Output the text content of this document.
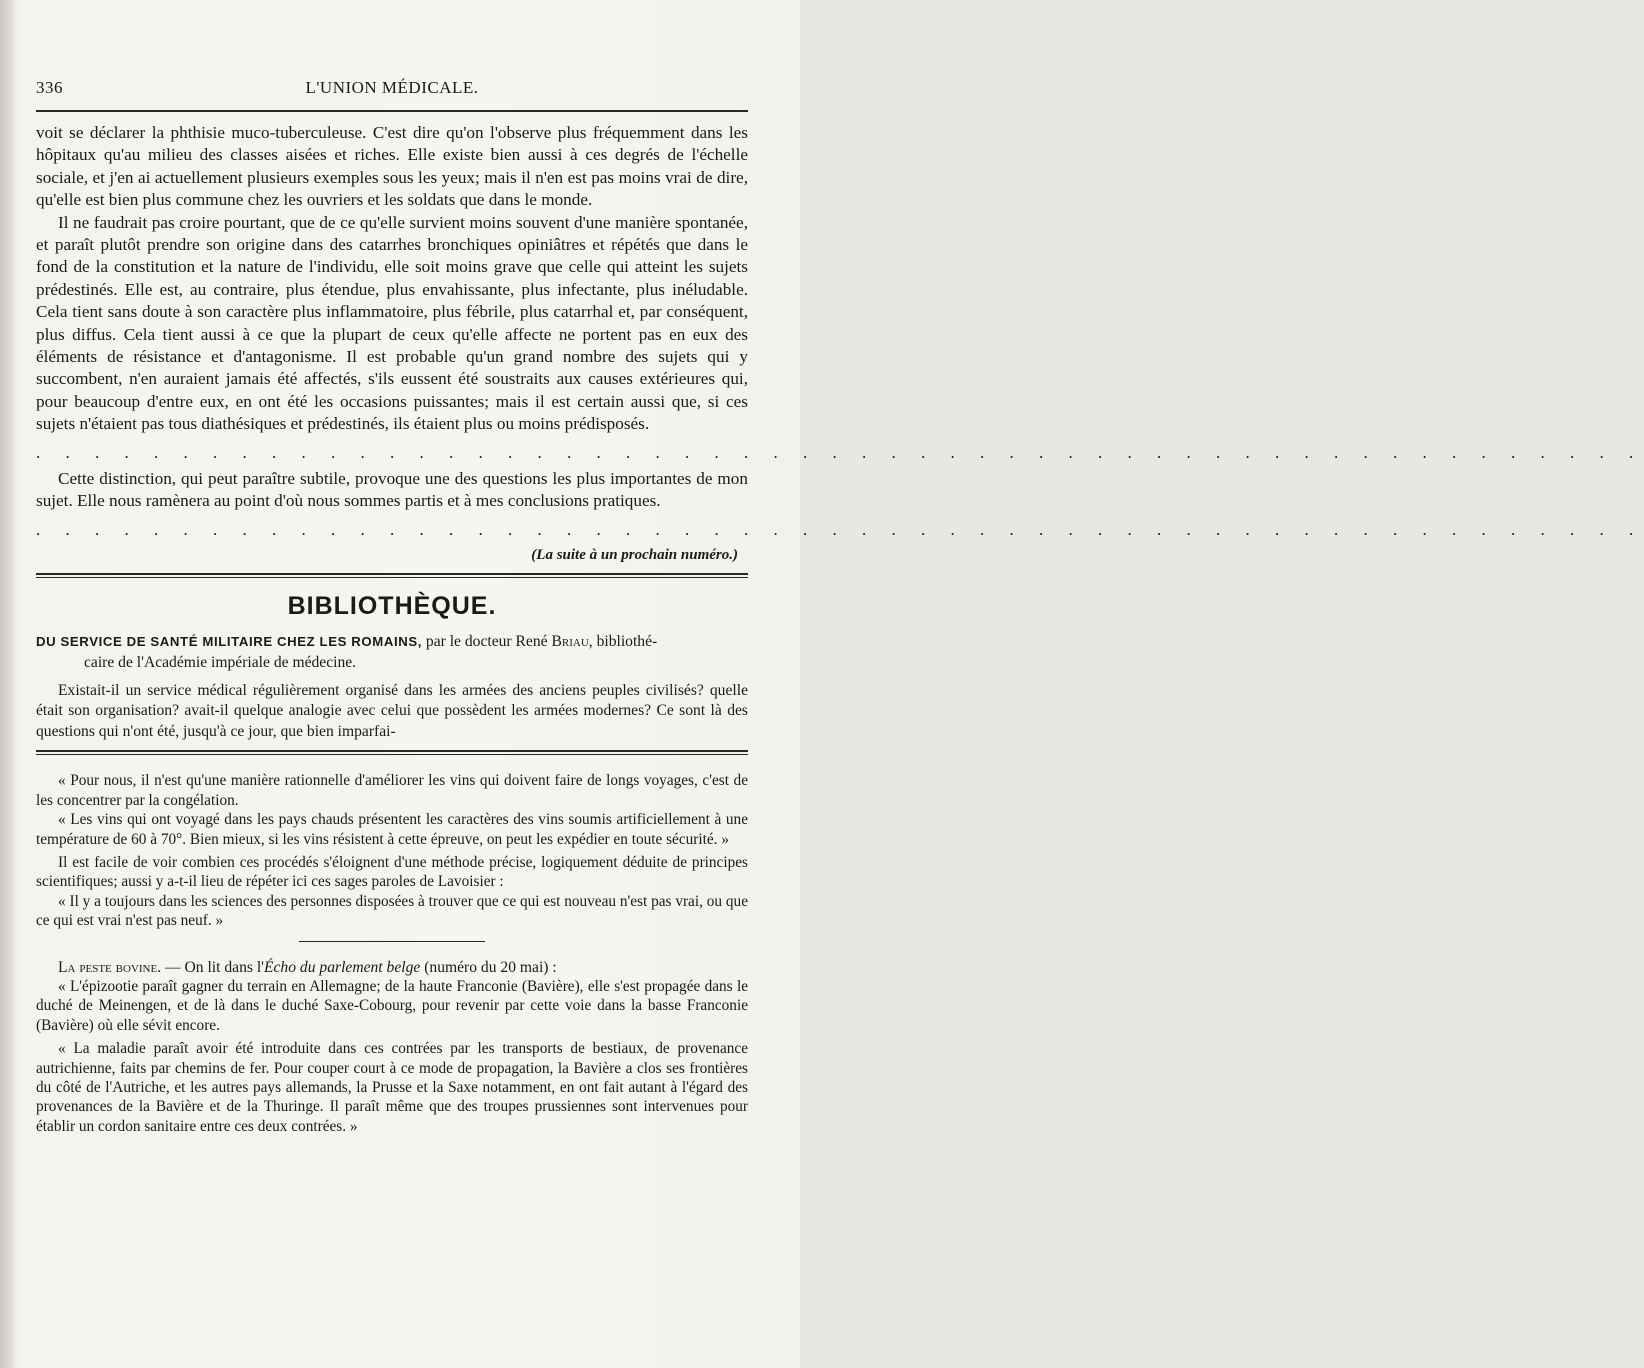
336	L'UNION MÉDICALE.

voit se déclarer la phthisie muco-tuberculeuse. C'est dire qu'on l'observe plus fréquemment dans les hôpitaux qu'au milieu des classes aisées et riches. Elle existe bien aussi à ces degrés de l'échelle sociale, et j'en ai actuellement plusieurs exemples sous les yeux; mais il n'en est pas moins vrai de dire, qu'elle est bien plus commune chez les ouvriers et les soldats que dans le monde.

Il ne faudrait pas croire pourtant, que de ce qu'elle survient moins souvent d'une manière spontanée, et paraît plutôt prendre son origine dans des catarrhes bronchiques opiniâtres et répétés que dans le fond de la constitution et la nature de l'individu, elle soit moins grave que celle qui atteint les sujets prédestinés. Elle est, au contraire, plus étendue, plus envahissante, plus infectante, plus inéludable. Cela tient sans doute à son caractère plus inflammatoire, plus fébrile, plus catarrhal et, par conséquent, plus diffus. Cela tient aussi à ce que la plupart de ceux qu'elle affecte ne portent pas en eux des éléments de résistance et d'antagonisme. Il est probable qu'un grand nombre des sujets qui y succombent, n'en auraient jamais été affectés, s'ils eussent été soustraits aux causes extérieures qui, pour beaucoup d'entre eux, en ont été les occasions puissantes; mais il est certain aussi que, si ces sujets n'étaient pas tous diathésiques et prédestinés, ils étaient plus ou moins prédisposés.

. . . . . . . . . . . . . . . . . . . . . . . . . . . . . . . . . . . . . . . . . . . . . . . . . . . . . . .

Cette distinction, qui peut paraître subtile, provoque une des questions les plus importantes de mon sujet. Elle nous ramènera au point d'où nous sommes partis et à mes conclusions pratiques.

. . . . . . . . . . . . . . . . . . . . . . . . . . . . . . . . . . . . . . . . . . . . . . . . . . . . . . .
(La suite à un prochain numéro.)
BIBLIOTHÈQUE.

DU SERVICE DE SANTÉ MILITAIRE CHEZ LES ROMAINS, par le docteur René Briau, bibliothé-

caire de l'Académie impériale de médecine.

Existait-il un service médical régulièrement organisé dans les armées des anciens peuples civilisés? quelle était son organisation? avait-il quelque analogie avec celui que possèdent les armées modernes? Ce sont là des questions qui n'ont été, jusqu'à ce jour, que bien imparfai-

« Pour nous, il n'est qu'une manière rationnelle d'améliorer les vins qui doivent faire de longs voyages, c'est de les concentrer par la congélation.

« Les vins qui ont voyagé dans les pays chauds présentent les caractères des vins soumis artificiellement à une température de 60 à 70°. Bien mieux, si les vins résistent à cette épreuve, on peut les expédier en toute sécurité. »

Il est facile de voir combien ces procédés s'éloignent d'une méthode précise, logiquement déduite de principes scientifiques; aussi y a-t-il lieu de répéter ici ces sages paroles de Lavoisier :

« Il y a toujours dans les sciences des personnes disposées à trouver que ce qui est nouveau n'est pas vrai, ou que ce qui est vrai n'est pas neuf. »

La peste bovine. — On lit dans l'Écho du parlement belge (numéro du 20 mai) :

« L'épizootie paraît gagner du terrain en Allemagne; de la haute Franconie (Bavière), elle s'est propagée dans le duché de Meinengen, et de là dans le duché Saxe-Cobourg, pour revenir par cette voie dans la basse Franconie (Bavière) où elle sévit encore.

« La maladie paraît avoir été introduite dans ces contrées par les transports de bestiaux, de provenance autrichienne, faits par chemins de fer. Pour couper court à ce mode de propagation, la Bavière a clos ses frontières du côté de l'Autriche, et les autres pays allemands, la Prusse et la Saxe notamment, en ont fait autant à l'égard des provenances de la Bavière et de la Thuringe. Il paraît même que des troupes prussiennes sont intervenues pour établir un cordon sanitaire entre ces deux contrées. »
